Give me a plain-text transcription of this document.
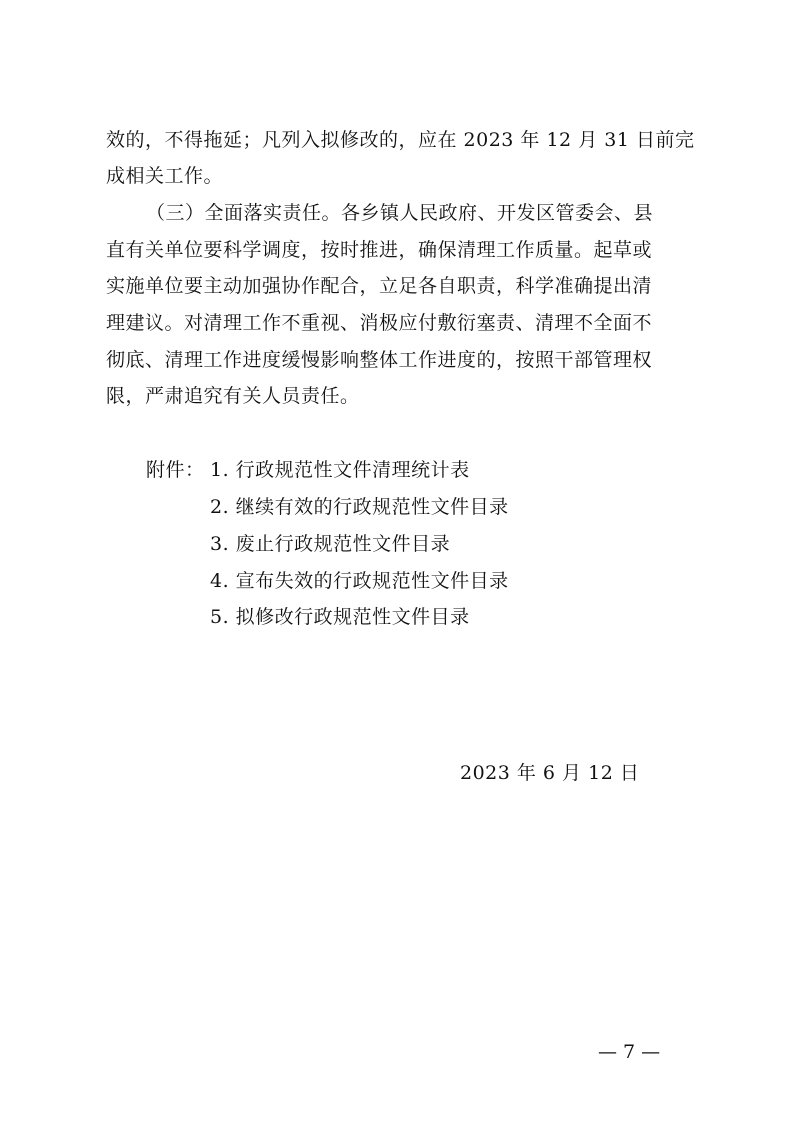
效的，不得拖延；凡列入拟修改的，应在 2023 年 12 月 31 日前完
成相关工作。
（三）全面落实责任。各乡镇人民政府、开发区管委会、县
直有关单位要科学调度，按时推进，确保清理工作质量。起草或
实施单位要主动加强协作配合，立足各自职责，科学准确提出清
理建议。对清理工作不重视、消极应付敷衍塞责、清理不全面不
彻底、清理工作进度缓慢影响整体工作进度的，按照干部管理权
限，严肃追究有关人员责任。
附件： 1. 行政规范性文件清理统计表
2. 继续有效的行政规范性文件目录
3. 废止行政规范性文件目录
4. 宣布失效的行政规范性文件目录
5. 拟修改行政规范性文件目录
2023 年 6 月 12 日
— 7 —
